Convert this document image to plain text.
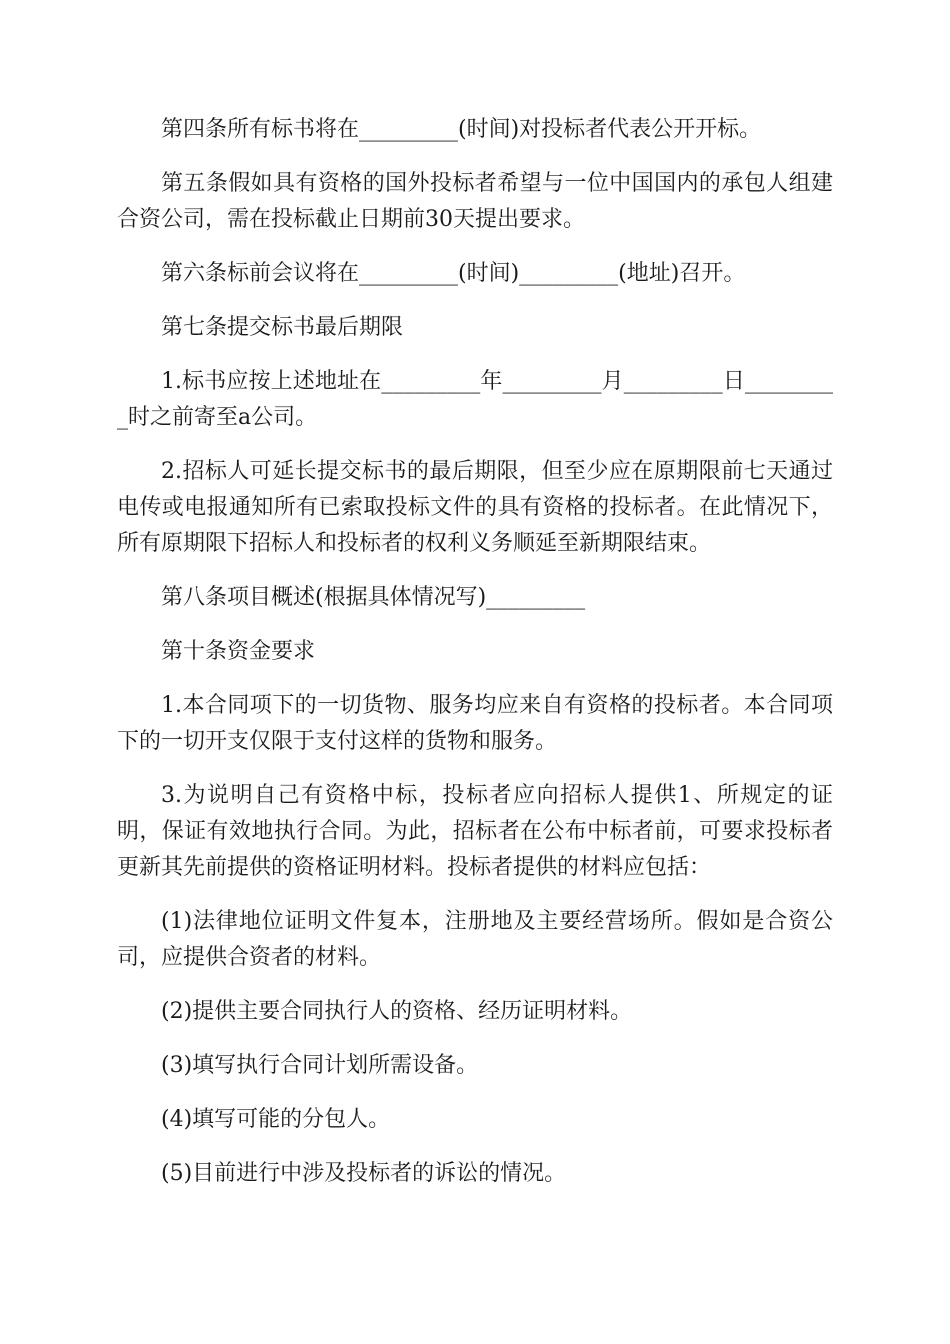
第四条所有标书将在_________(时间)对投标者代表公开开标。

第五条假如具有资格的国外投标者希望与一位中国国内的承包人组建合资公司，需在投标截止日期前30天提出要求。

第六条标前会议将在_________(时间)_________(地址)召开。

第七条提交标书最后期限

1.标书应按上述地址在_________年_________月_________日_________时之前寄至a公司。

2.招标人可延长提交标书的最后期限，但至少应在原期限前七天通过电传或电报通知所有已索取投标文件的具有资格的投标者。在此情况下，所有原期限下招标人和投标者的权利义务顺延至新期限结束。

第八条项目概述(根据具体情况写)_________

第十条资金要求

1.本合同项下的一切货物、服务均应来自有资格的投标者。本合同项下的一切开支仅限于支付这样的货物和服务。

3.为说明自己有资格中标，投标者应向招标人提供1、所规定的证明，保证有效地执行合同。为此，招标者在公布中标者前，可要求投标者更新其先前提供的资格证明材料。投标者提供的材料应包括：

(1)法律地位证明文件复本，注册地及主要经营场所。假如是合资公司，应提供合资者的材料。

(2)提供主要合同执行人的资格、经历证明材料。

(3)填写执行合同计划所需设备。

(4)填写可能的分包人。

(5)目前进行中涉及投标者的诉讼的情况。
